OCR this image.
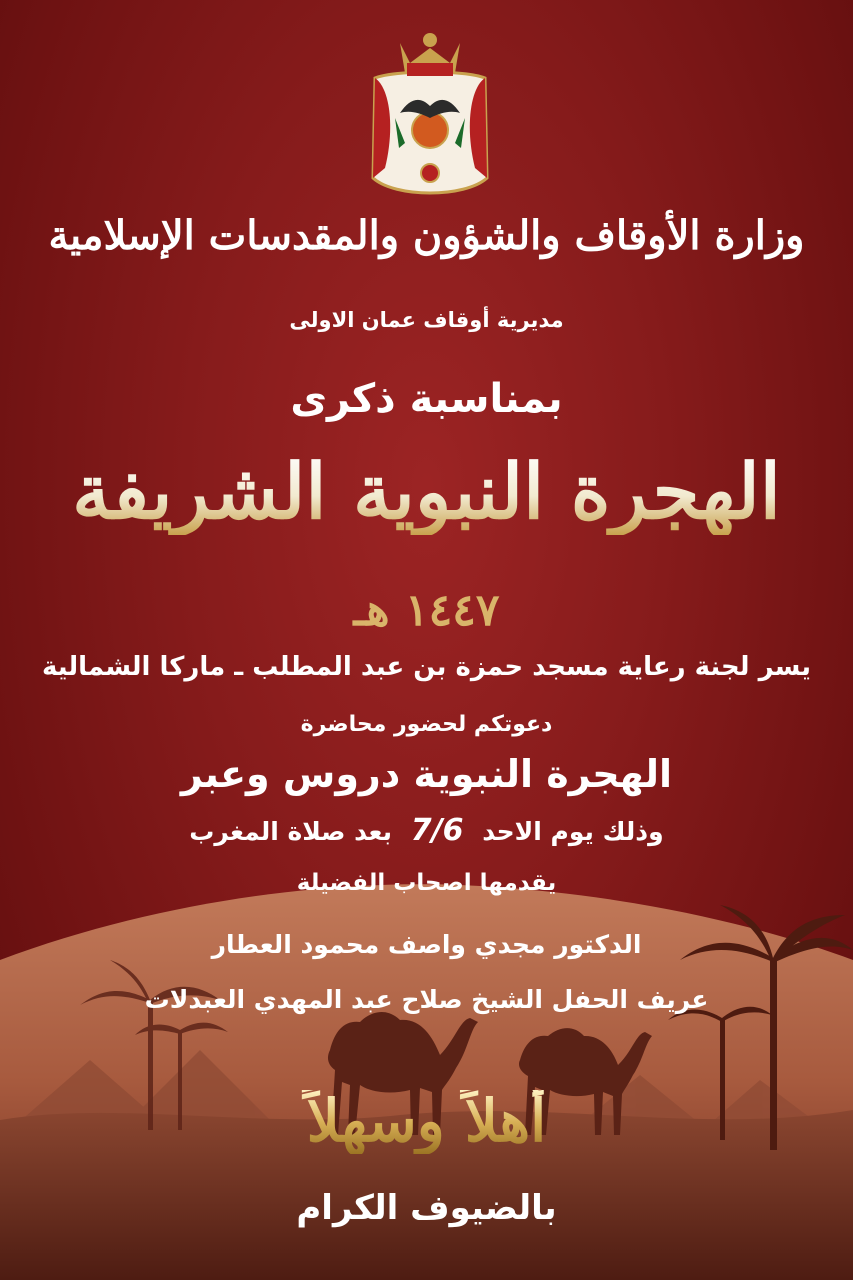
وزارة الأوقاف والشؤون والمقدسات الإسلامية
مديرية أوقاف عمان الاولى
بمناسبة ذكرى
الهجرة النبوية الشريفة
١٤٤٧ هـ
يسر لجنة رعاية مسجد حمزة بن عبد المطلب ـ ماركا الشمالية
دعوتكم لحضور محاضرة
الهجرة النبوية دروس وعبر
وذلك يوم الاحد 7/6 بعد صلاة المغرب
يقدمها اصحاب الفضيلة
الدكتور مجدي واصف محمود العطار
عريف الحفل الشيخ صلاح عبد المهدي العبدلات
أهلاً وسهلاً
بالضيوف الكرام
